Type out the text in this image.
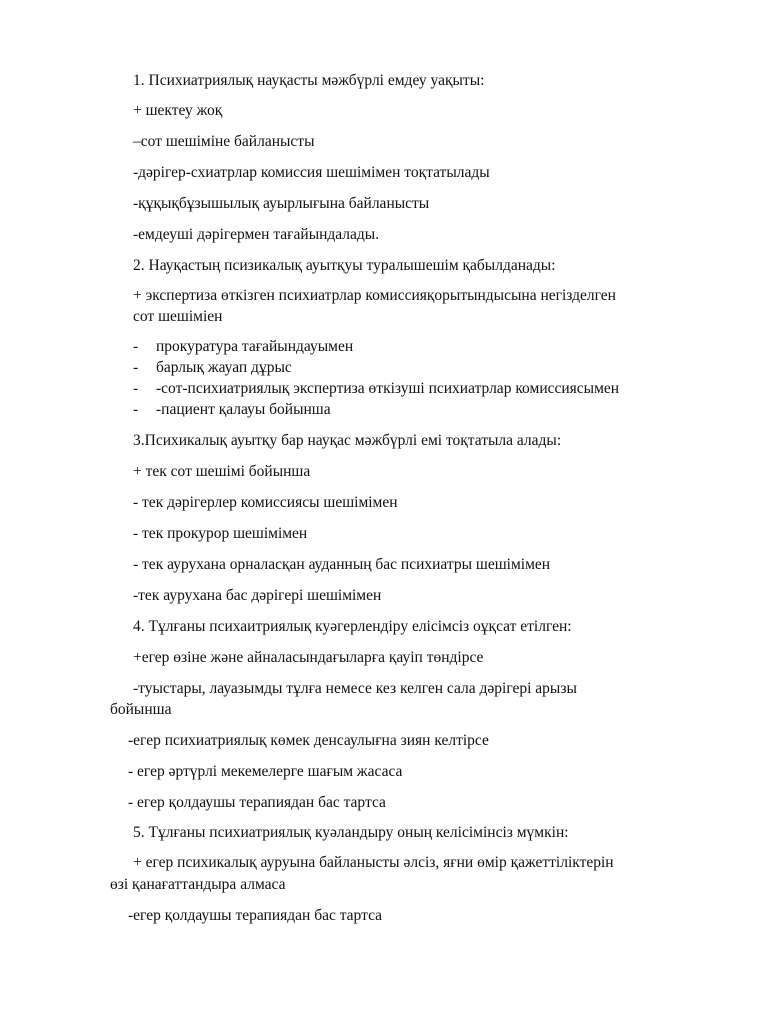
1. Психиатриялық науқасты мәжбүрлі емдеу уақыты:
+ шектеу жоқ
–сот шешіміне байланысты
-дәрігер-схиатрлар комиссия шешімімен тоқтатылады
-құқықбұзышылық ауырлығына байланысты
-емдеуші дәрігермен тағайындалады.
2. Науқастың псизикалық ауытқуы туралышешім қабылданады:
+ экспертиза өткізген психиатрлар комиссияқорытындысына негізделген
сот шешіміен
- прокуратура тағайындауымен
- барлық жауап дұрыс
- -сот-психиатриялық экспертиза өткізуші психиатрлар комиссиясымен
- -пациент қалауы бойынша
3.Психикалық ауытқу бар науқас мәжбүрлі емі тоқтатыла алады:
+ тек сот шешімі бойынша
- тек дәрігерлер комиссиясы шешімімен
- тек прокурор шешімімен
- тек аурухана орналасқан ауданның бас психиатры шешімімен
-тек аурухана бас дәрігері шешімімен
4. Тұлғаны психаитриялық куәгерлендіру елісімсіз оұқсат етілген:
+егер өзіне және айналасындағыларға қауіп төндірсе
-туыстары, лауазымды тұлға немесе кез келген сала дәрігері арызы
бойынша
-егер психиатриялық көмек денсаулығна зиян келтірсе
- егер әртүрлі мекемелерге шағым жасаса
- егер қолдаушы терапиядан бас тартса
5. Тұлғаны психиатриялық куәландыру оның келісімінсіз мүмкін:
+ егер психикалық ауруына байланысты әлсіз, яғни өмір қажеттіліктерін
өзі қанағаттандыра алмаса
-егер қолдаушы терапиядан бас тартса
